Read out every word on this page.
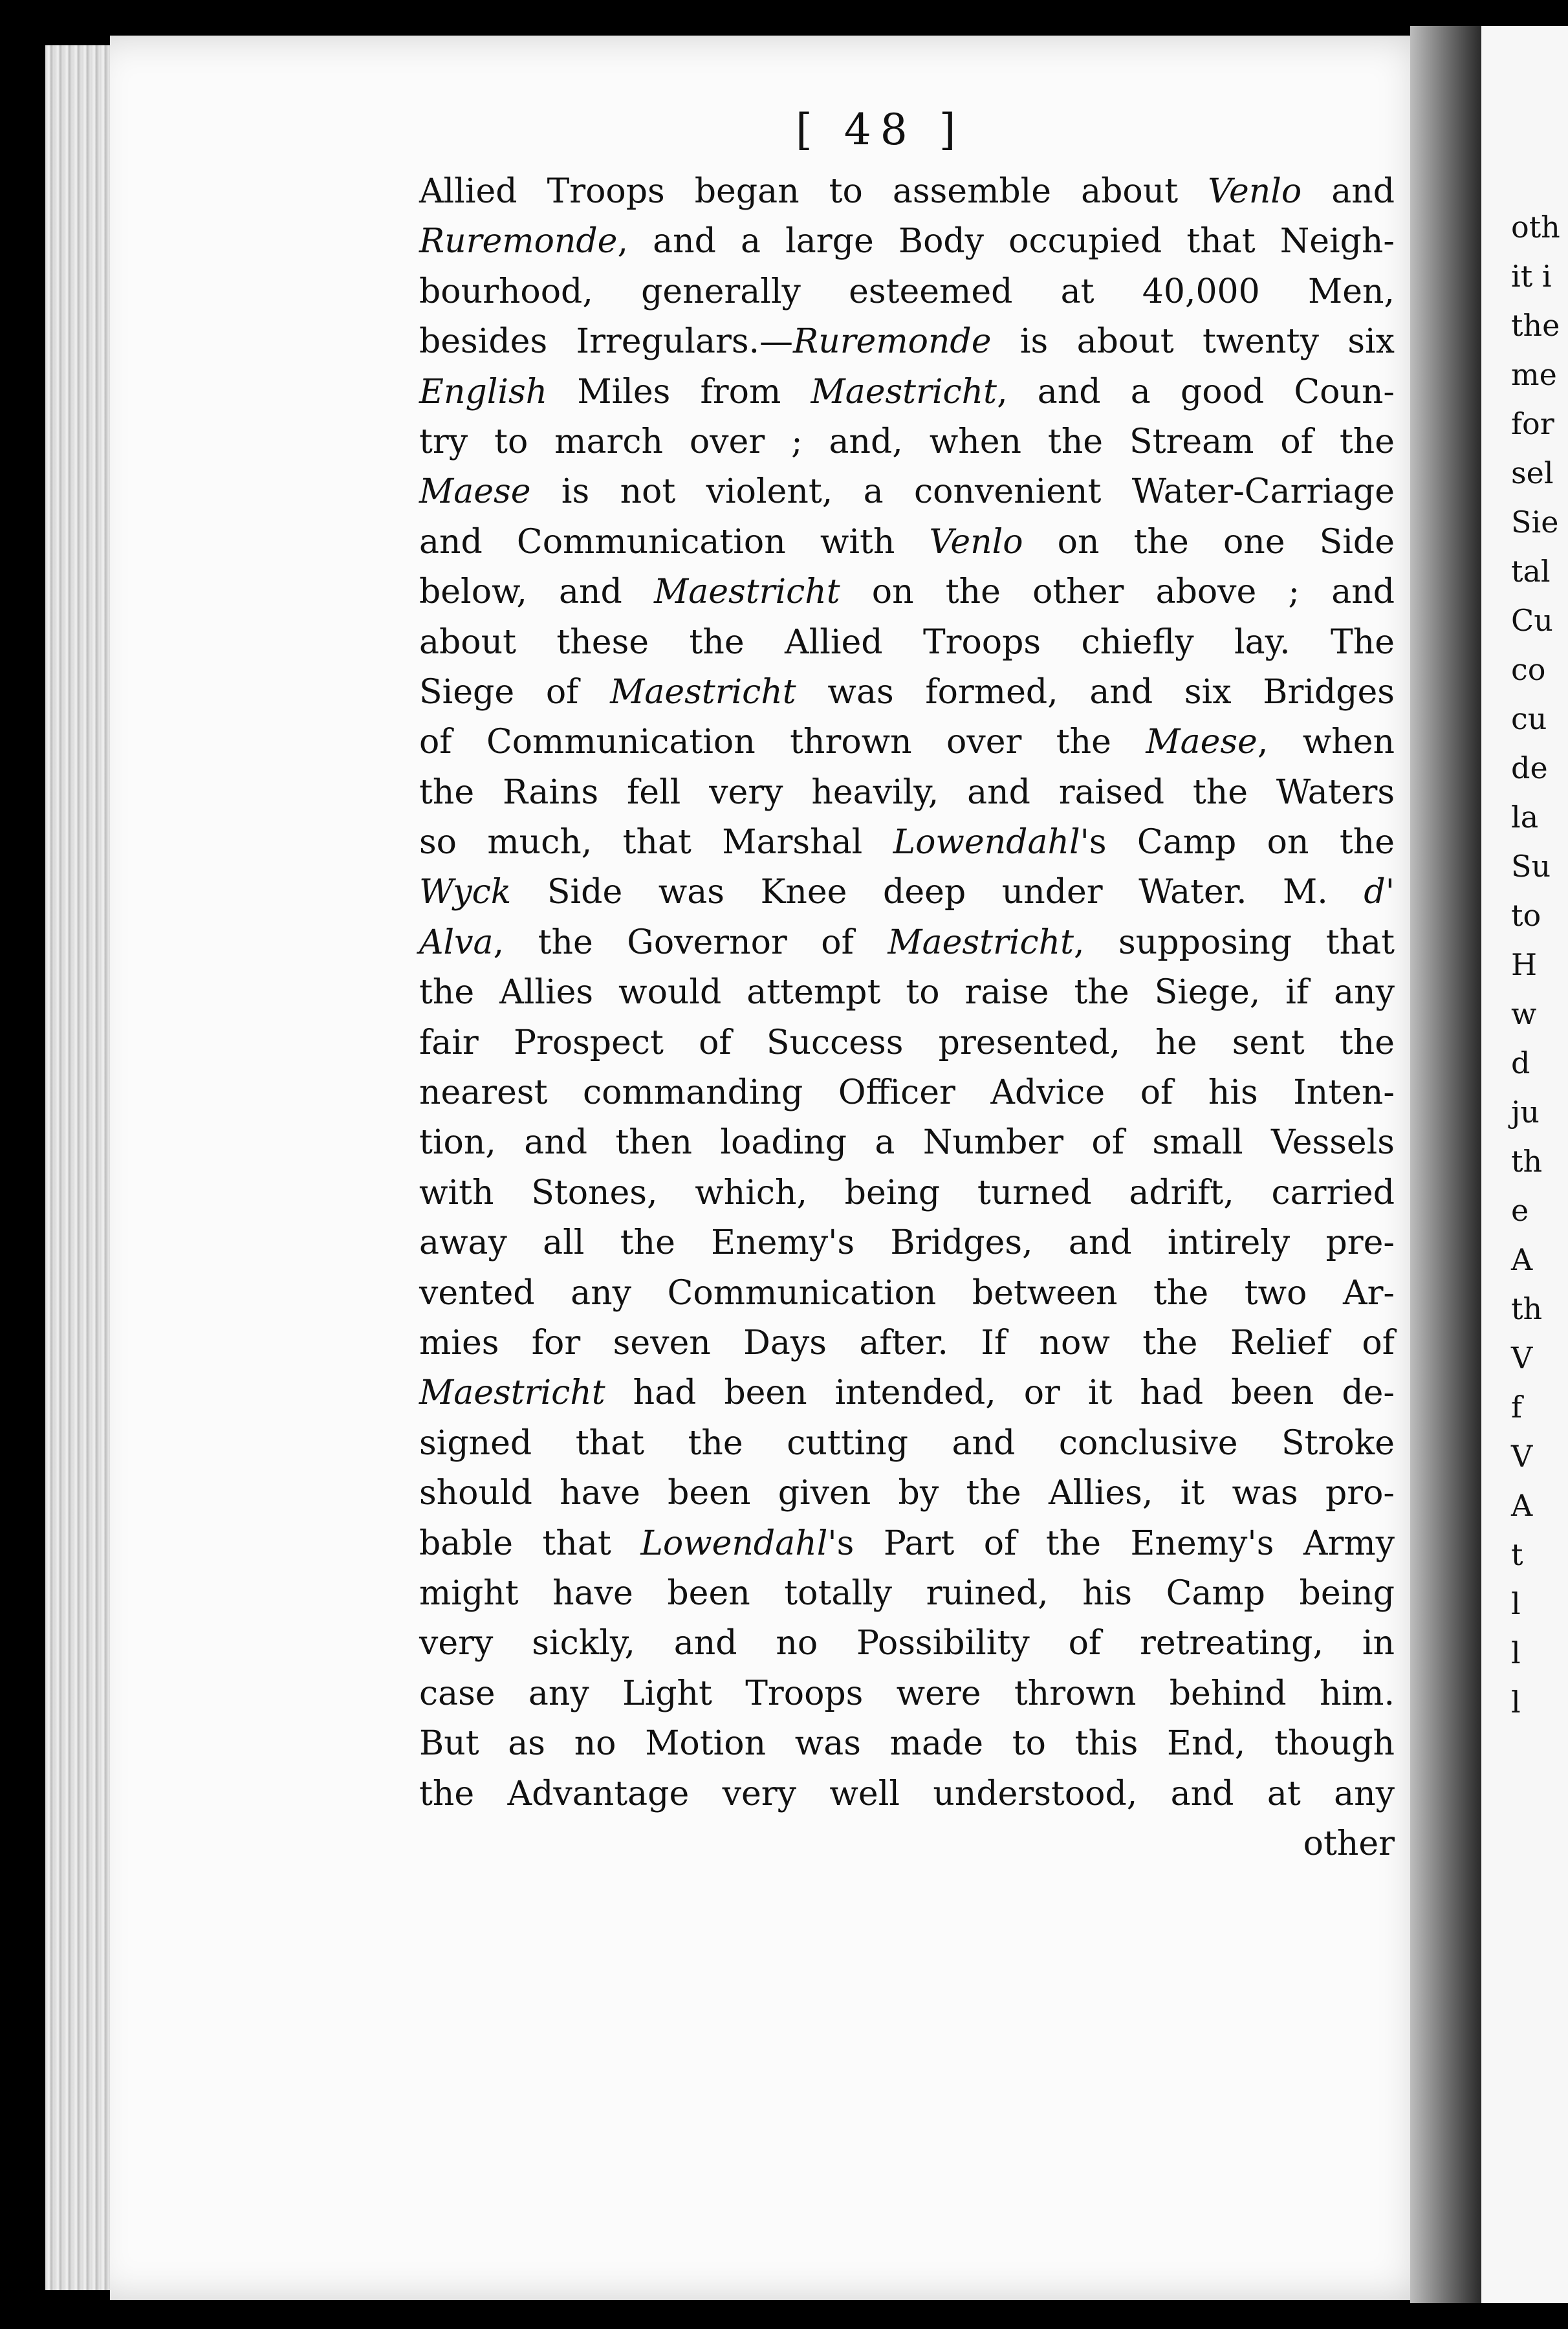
oth
it i
the
me
for
sel
Sie
tal
Cu
co
cu
de
la
Su
to
H
w
d
ju
th
e
A
th
V
f
V
A
t
l
l
l
[ 48 ]
Allied Troops began to assemble about Venlo and
Ruremonde, and a large Body occupied that Neigh-
bourhood, generally esteemed at 40,000 Men,
besides Irregulars.—Ruremonde is about twenty six
English Miles from Maestricht, and a good Coun-
try to march over ; and, when the Stream of the
Maese is not violent, a convenient Water-Carriage
and Communication with Venlo on the one Side
below, and Maestricht on the other above ; and
about these the Allied Troops chiefly lay. The
Siege of Maestricht was formed, and six Bridges
of Communication thrown over the Maese, when
the Rains fell very heavily, and raised the Waters
so much, that Marshal Lowendahl's Camp on the
Wyck Side was Knee deep under Water. M. d'
Alva, the Governor of Maestricht, supposing that
the Allies would attempt to raise the Siege, if any
fair Prospect of Success presented, he sent the
nearest commanding Officer Advice of his Inten-
tion, and then loading a Number of small Vessels
with Stones, which, being turned adrift, carried
away all the Enemy's Bridges, and intirely pre-
vented any Communication between the two Ar-
mies for seven Days after. If now the Relief of
Maestricht had been intended, or it had been de-
signed that the cutting and conclusive Stroke
should have been given by the Allies, it was pro-
bable that Lowendahl's Part of the Enemy's Army
might have been totally ruined, his Camp being
very sickly, and no Possibility of retreating, in
case any Light Troops were thrown behind him.
But as no Motion was made to this End, though
the Advantage very well understood, and at any
other
